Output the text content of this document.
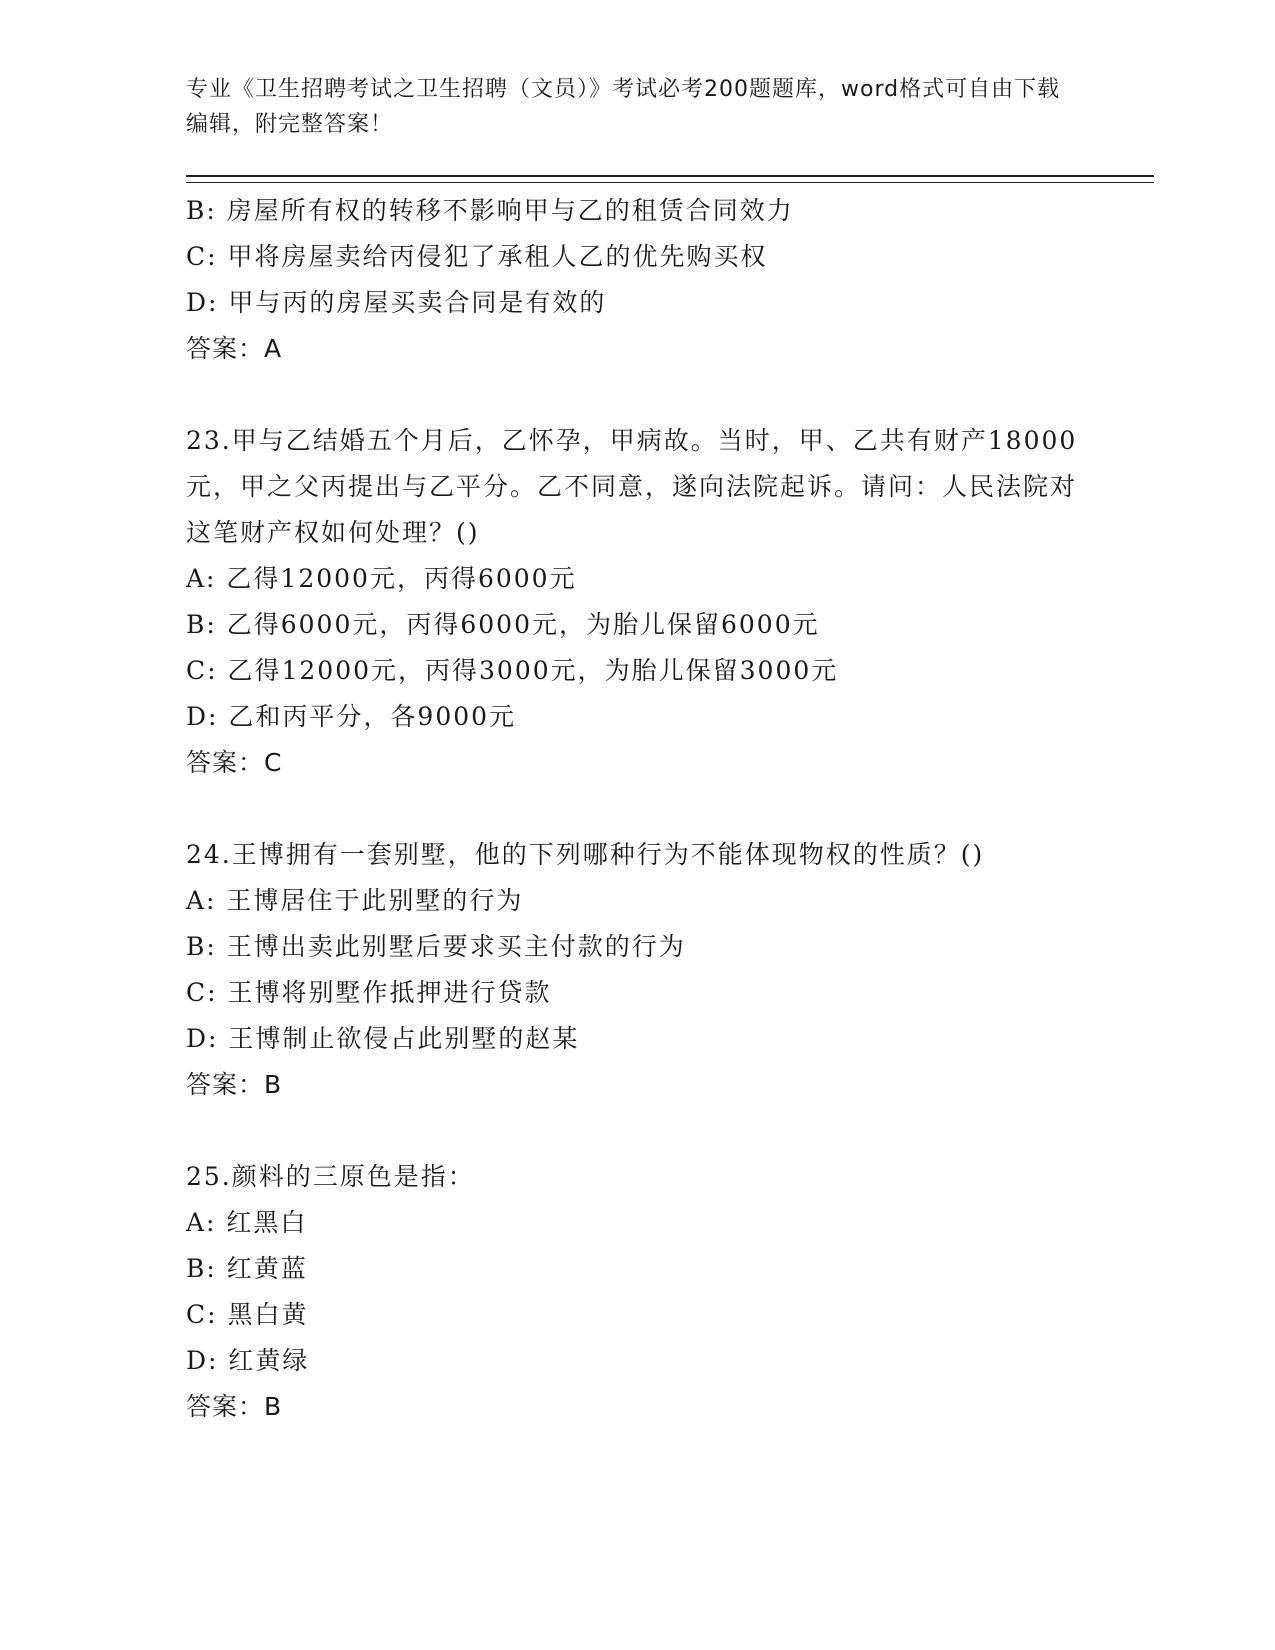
专业《卫生招聘考试之卫生招聘（文员）》考试必考200题题库，word格式可自由下载编辑，附完整答案！
B: 房屋所有权的转移不影响甲与乙的租赁合同效力
C: 甲将房屋卖给丙侵犯了承租人乙的优先购买权
D: 甲与丙的房屋买卖合同是有效的
答案：A
23.甲与乙结婚五个月后，乙怀孕，甲病故。当时，甲、乙共有财产18000元，甲之父丙提出与乙平分。乙不同意，遂向法院起诉。请问：人民法院对这笔财产权如何处理？()
A: 乙得12000元，丙得6000元
B: 乙得6000元，丙得6000元，为胎儿保留6000元
C: 乙得12000元，丙得3000元，为胎儿保留3000元
D: 乙和丙平分，各9000元
答案：C
24.王博拥有一套别墅，他的下列哪种行为不能体现物权的性质？()
A: 王博居住于此别墅的行为
B: 王博出卖此别墅后要求买主付款的行为
C: 王博将别墅作抵押进行贷款
D: 王博制止欲侵占此别墅的赵某
答案：B
25.颜料的三原色是指：
A: 红黑白
B: 红黄蓝
C: 黑白黄
D: 红黄绿
答案：B
